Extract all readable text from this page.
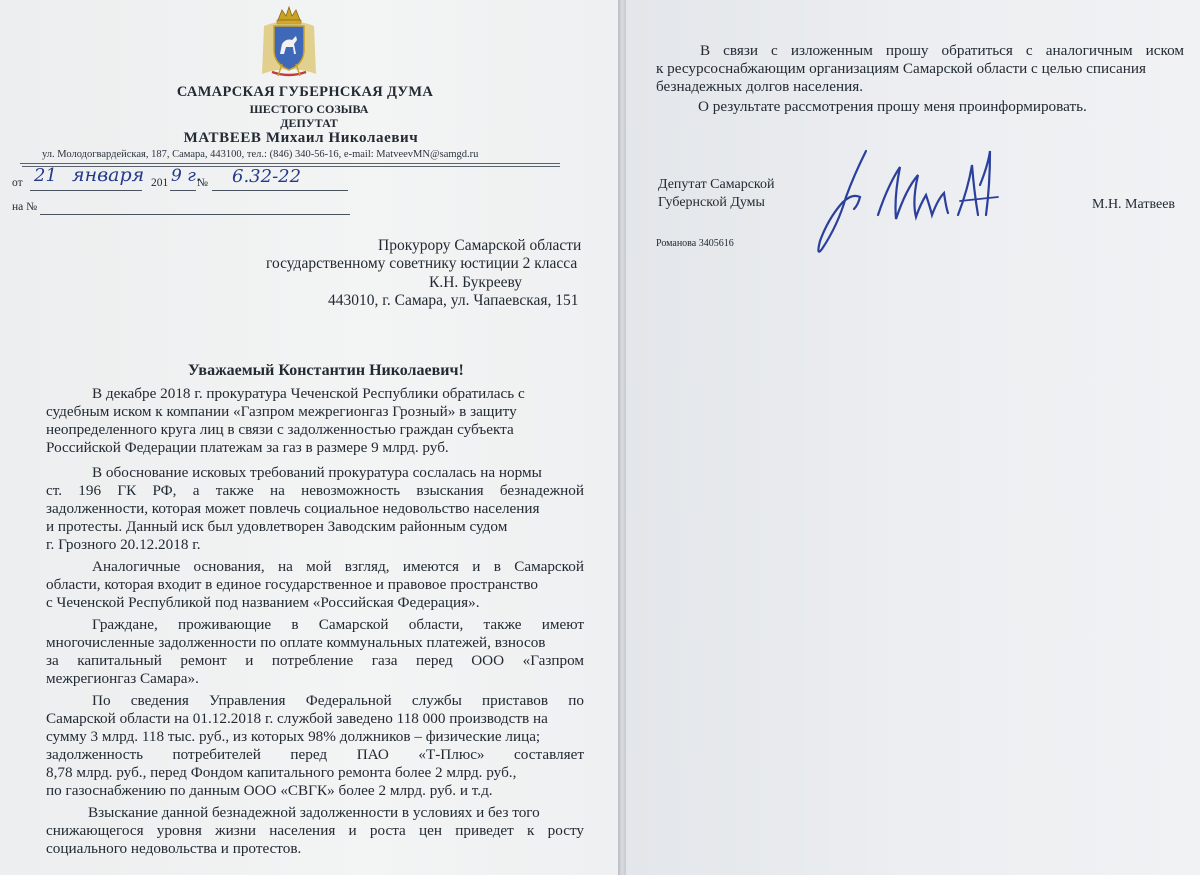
САМАРСКАЯ ГУБЕРНСКАЯ ДУМА
ШЕСТОГО СОЗЫВА
ДЕПУТАТ
МАТВЕЕВ Михаил Николаевич
ул. Молодогвардейская, 187, Самара, 443100, тел.: (846) 340-56-16, e-mail: MatveevMN@samgd.ru
от 21 января 201 9 г.
№ 6.32-22
на №
Прокурору Самарской области
государственному советнику юстиции 2 класса
К.Н. Букрееву
443010, г. Самара, ул. Чапаевская, 151
Уважаемый Константин Николаевич!
В декабре 2018 г. прокуратура Чеченской Республики обратилась с
судебным иском к компании «Газпром межрегионгаз Грозный» в защиту
неопределенного круга лиц в связи с задолженностью граждан субъекта
Российской Федерации платежам за газ в размере 9 млрд. руб.
В обоснование исковых требований прокуратура сослалась на нормы
ст. 196 ГК РФ, а также на невозможность взыскания безнадежной
задолженности, которая может повлечь социальное недовольство населения
и протесты. Данный иск был удовлетворен Заводским районным судом
г. Грозного 20.12.2018 г.
Аналогичные основания, на мой взгляд, имеются и в Самарской
области, которая входит в единое государственное и правовое пространство
с Чеченской Республикой под названием «Российская Федерация».
Граждане, проживающие в Самарской области, также имеют
многочисленные задолженности по оплате коммунальных платежей, взносов
за капитальный ремонт и потребление газа перед ООО «Газпром
межрегионгаз Самара».
По сведения Управления Федеральной службы приставов по
Самарской области на 01.12.2018 г. службой заведено 118 000 производств на
сумму 3 млрд. 118 тыс. руб., из которых 98% должников – физические лица;
задолженность потребителей перед ПАО «Т-Плюс» составляет
8,78 млрд. руб., перед Фондом капитального ремонта более 2 млрд. руб.,
по газоснабжению по данным ООО «СВГК» более 2 млрд. руб. и т.д.
Взыскание данной безнадежной задолженности в условиях и без того
снижающегося уровня жизни населения и роста цен приведет к росту
социального недовольства и протестов.
В связи с изложенным прошу обратиться с аналогичным иском
к ресурсоснабжающим организациям Самарской области с целью списания
безнадежных долгов населения.
О результате рассмотрения прошу меня проинформировать.
Депутат Самарской
Губернской Думы	М.Н. Матвеев
Романова 3405616
